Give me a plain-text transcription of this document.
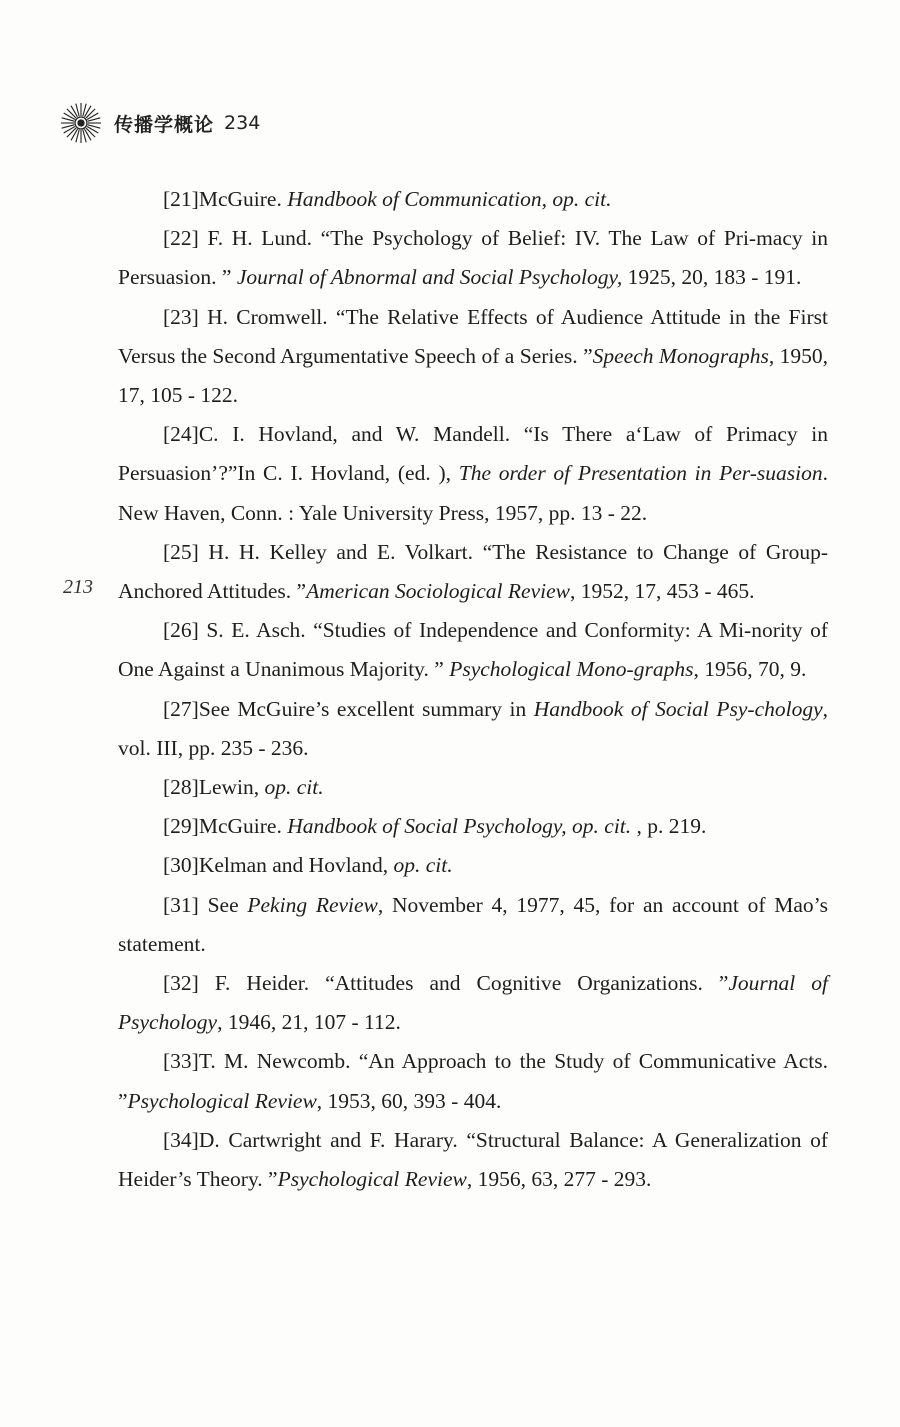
传播学概论 234
213

[21]McGuire. Handbook of Communication, op. cit.

[22] F. H. Lund. “The Psychology of Belief: IV. The Law of Pri-macy in Persuasion. ” Journal of Abnormal and Social Psychology, 1925, 20, 183 - 191.

[23] H. Cromwell. “The Relative Effects of Audience Attitude in the First Versus the Second Argumentative Speech of a Series. ”Speech Monographs, 1950, 17, 105 - 122.

[24]C. I. Hovland, and W. Mandell. “Is There a‘Law of Primacy in Persuasion’?”In C. I. Hovland, (ed. ), The order of Presentation in Per-suasion. New Haven, Conn. : Yale University Press, 1957, pp. 13 - 22.

[25] H. H. Kelley and E. Volkart. “The Resistance to Change of Group-Anchored Attitudes. ”American Sociological Review, 1952, 17, 453 - 465.

[26] S. E. Asch. “Studies of Independence and Conformity: A Mi-nority of One Against a Unanimous Majority. ” Psychological Mono-graphs, 1956, 70, 9.

[27]See McGuire’s excellent summary in Handbook of Social Psy-chology, vol. III, pp. 235 - 236.

[28]Lewin, op. cit.

[29]McGuire. Handbook of Social Psychology, op. cit. , p. 219.

[30]Kelman and Hovland, op. cit.

[31] See Peking Review, November 4, 1977, 45, for an account of Mao’s statement.

[32] F. Heider. “Attitudes and Cognitive Organizations. ”Journal of Psychology, 1946, 21, 107 - 112.

[33]T. M. Newcomb. “An Approach to the Study of Communicative Acts. ”Psychological Review, 1953, 60, 393 - 404.

[34]D. Cartwright and F. Harary. “Structural Balance: A Generalization of Heider’s Theory. ”Psychological Review, 1956, 63, 277 - 293.
